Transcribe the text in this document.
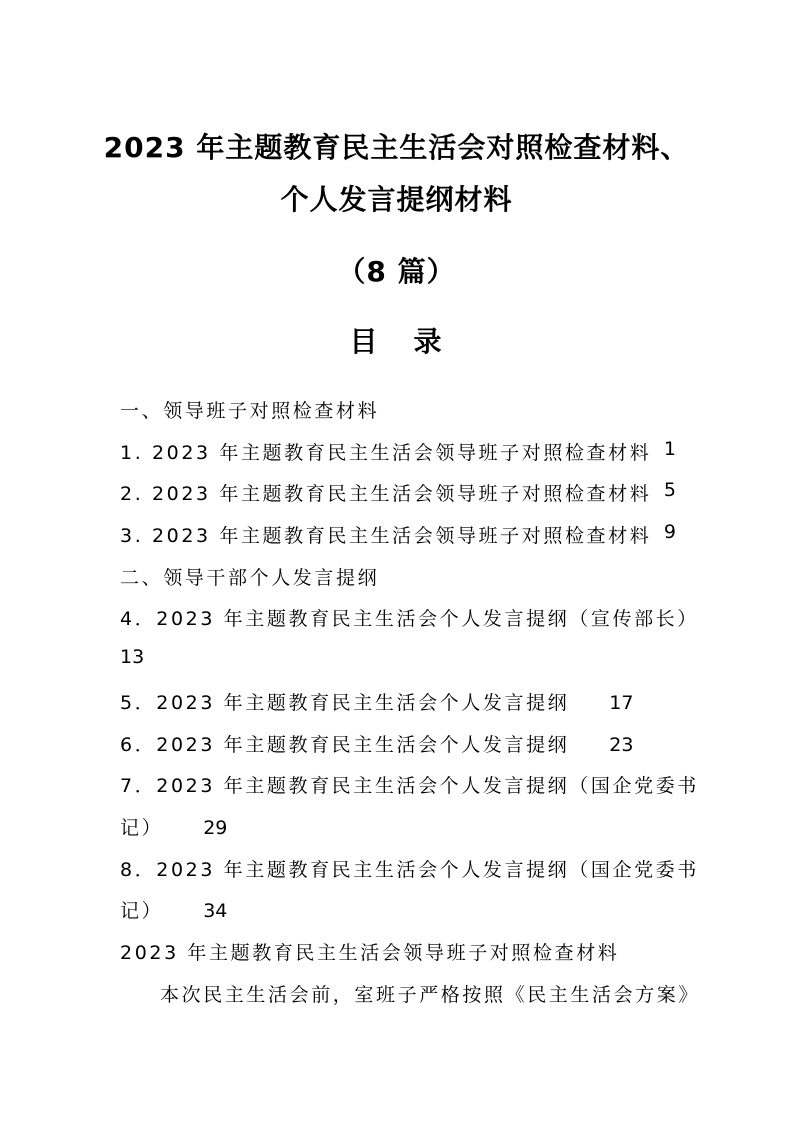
2023 年主题教育民主生活会对照检查材料、
个人发言提纲材料
（8 篇）
目 录
一、领导班子对照检查材料
1. 2023 年主题教育民主生活会领导班子对照检查材料 1
2. 2023 年主题教育民主生活会领导班子对照检查材料 5
3. 2023 年主题教育民主生活会领导班子对照检查材料 9
二、领导干部个人发言提纲
4．2023 年主题教育民主生活会个人发言提纲（宣传部长）
13
5．2023 年主题教育民主生活会个人发言提纲 17
6．2023 年主题教育民主生活会个人发言提纲 23
7．2023 年主题教育民主生活会个人发言提纲（国企党委书
记） 29
8．2023 年主题教育民主生活会个人发言提纲（国企党委书
记） 34
2023 年主题教育民主生活会领导班子对照检查材料
本次民主生活会前，室班子严格按照《民主生活会方案》
